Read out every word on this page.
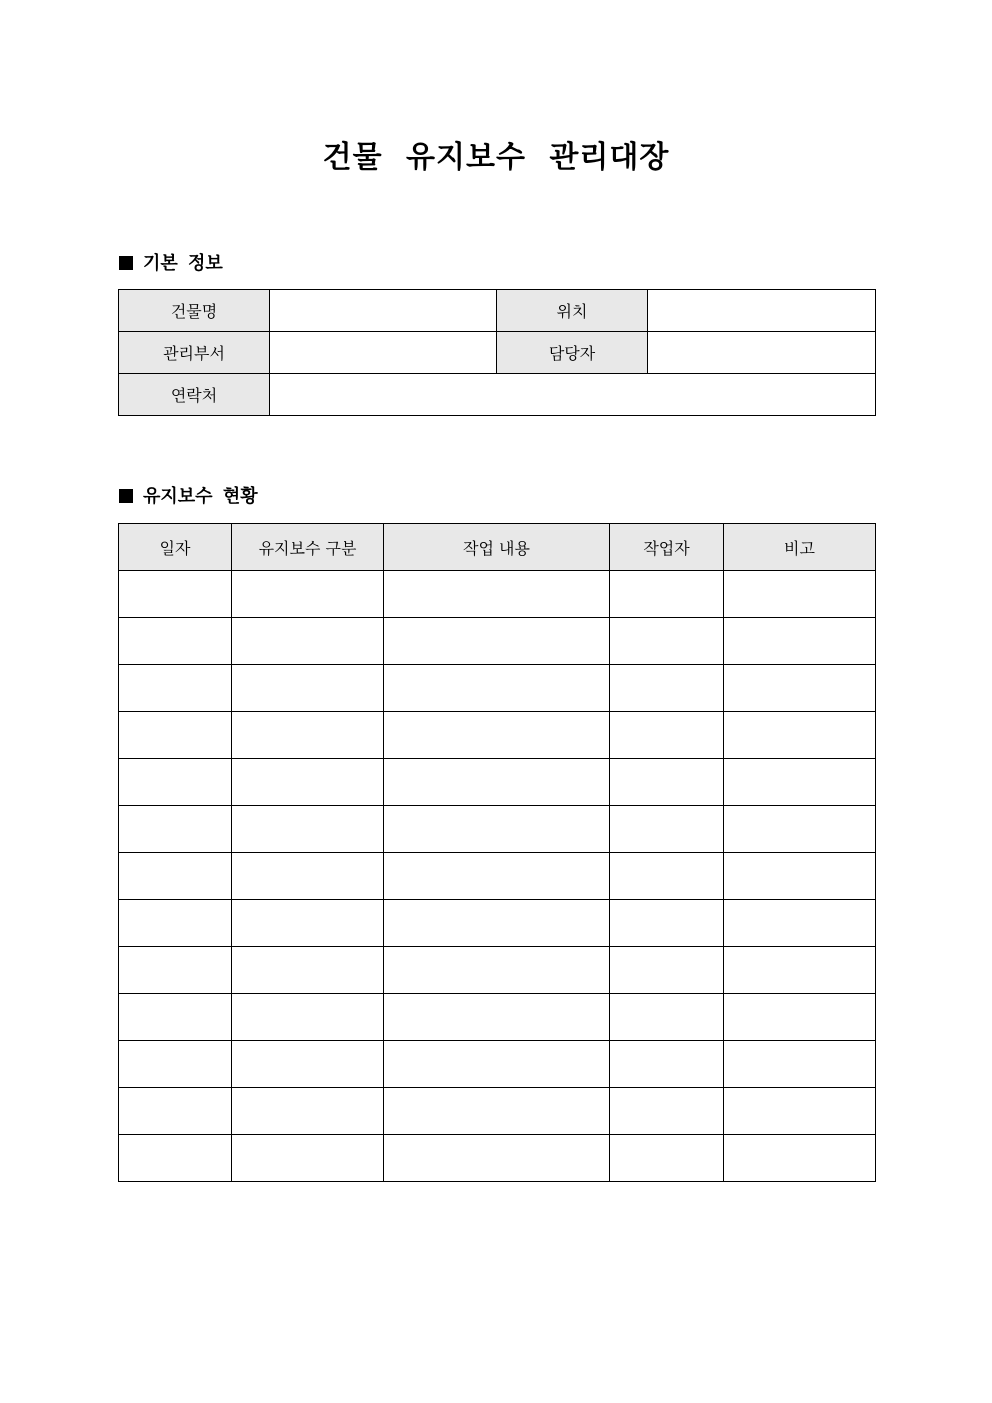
건물 유지보수 관리대장
기본 정보
건물명		위치	
관리부서		담당자	
연락처			
유지보수 현황
일자	유지보수 구분	작업 내용	작업자	비고
